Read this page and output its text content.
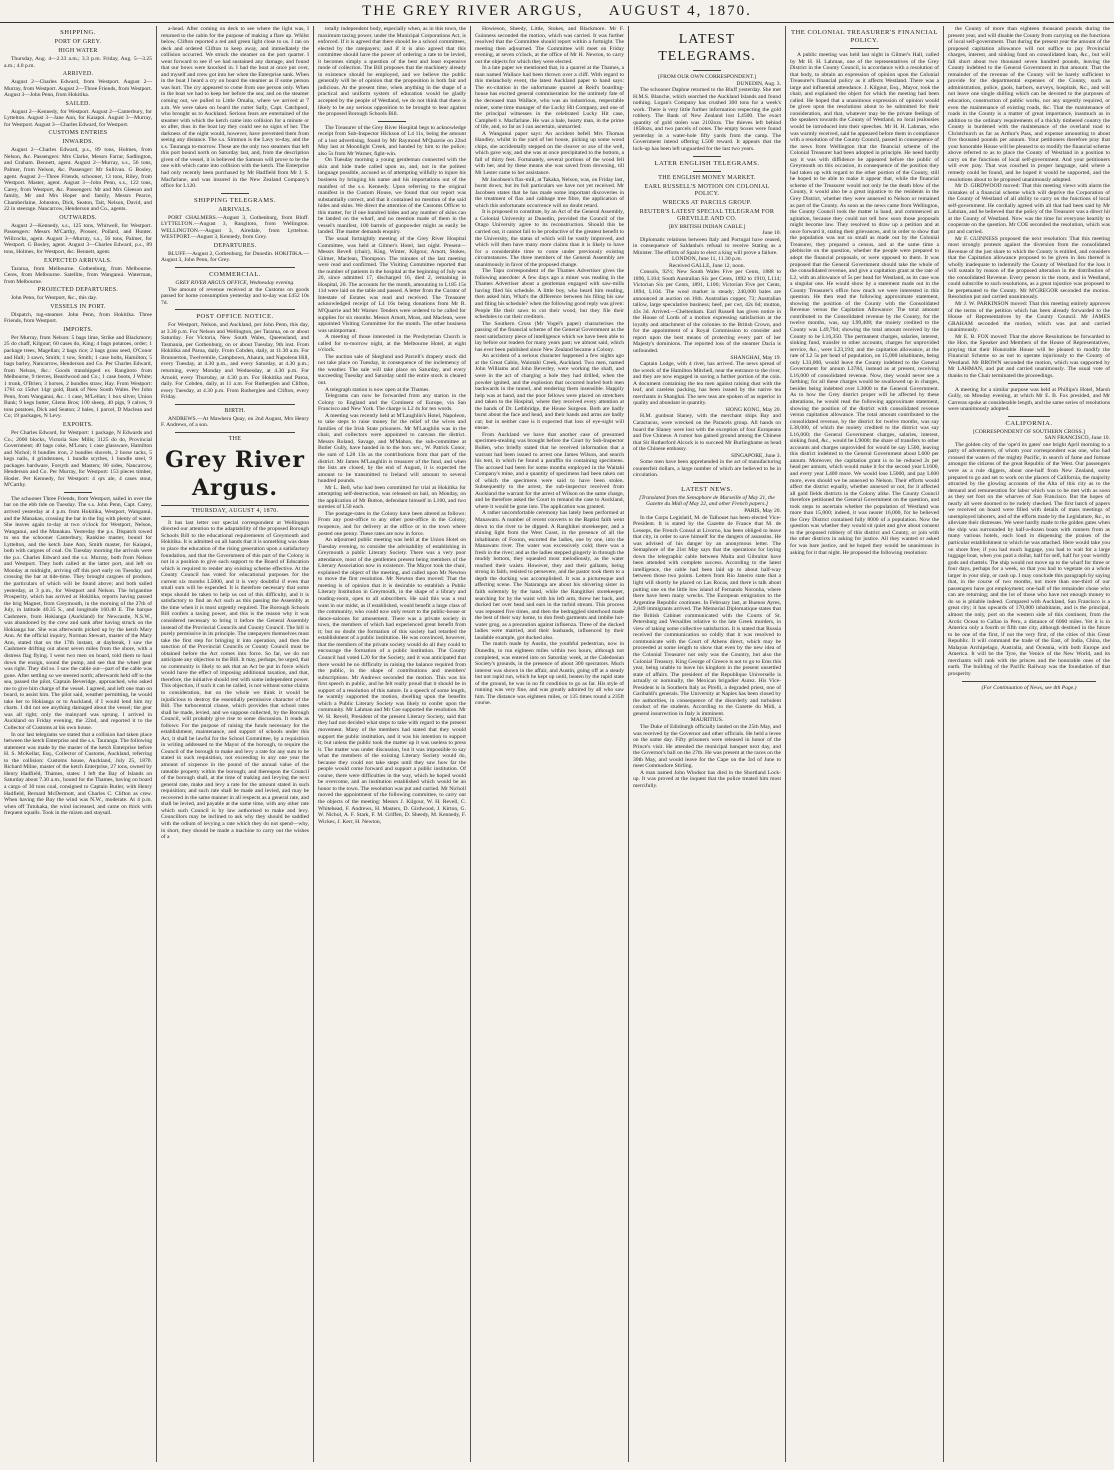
THE GREY RIVER ARGUS, AUGUST 4, 1870.
SHIPPING.
PORT OF GREY.
HIGH WATER

Thursday, Aug. 4—2.33 a.m.; 3.3 p.m. Friday, Aug. 5—3.25 a.m.; 4.0 p.m.

ARRIVED.

August 2—Charles Edward, from Westport. August 2—Murray, from Westport. August 2—Three Friends, from Westport. August 3—John Penn, from Hokitika.

SAILED.

August 2—Kennedy, for Westport. August 2—Canterbury, for Lyttelton. August 3—Jane Ann, for Kaiapoi. August 3—Murray, for Westport. August 3—Charles Edward, for Westport.

CUSTOMS ENTRIES
INWARDS.

August 2—Charles Edward, p.s., 89 tons, Holmes, from Nelson, &c. Passengers: Mrs Clarke, Messrs Farrar, Sadlington, and Graham. Bennett, agent. August 2—Murray, s.s., 56 tons, Palmer, from Nelson, &c. Passenger: Mr Sullivan. G Bosley, agent. August 2—Three Friends, schooner, 13 tons, Riley, from Westport. Master, agent. August 3—John Penn, s.s., 122 tons, Carey, from Westport, &c. Passengers: Mr and Mrs Gleeson and family, Mr and Mrs Hoper and family, Messrs Pearce, Chamberlaine, Johnston, Dick, Seaton, Tait, Nelson, David, and 22 in steerage. Nancarrow, Henderson and Co., agents.

OUTWARDS.

August 2—Kennedy, s.s., 125 tons, Whitwell, for Westport. Passengers: Messrs M'Carthy, Prosser, Pollard, and Hunter. Willcocks, agent. August 3—Murray, s.s., 56 tons, Palmer, for Westport. G Bosley, agent. August 3—Charles Edward, p.s., 89 tons, Holmes, for Westport, &c. Bennett, agent.

EXPECTED ARRIVALS.

Tararua, from Melbourne. Gothenburg, from Melbourne. Ceres, from Melbourne. Satellite, from Wanganui. Waterman, from Melbourne.

PROJECTED DEPARTURES.

John Penn, for Westport, &c., this day.

VESSELS IN PORT.

Dispatch, tug-steamer. John Penn, from Hokitika. Three Friends, from Westport.

IMPORTS.

Per Murray, from Nelson: 5 bags lime, Strike and Blackmore; 25 do chaff, Kilgour; 60 cases do, King; 4 bags potatoes, order; 1 package trees, Magellan; 2 bags rice; 2 bags grass seed, O'Conor and Hall; 3 sawn, Smith; 1 tow, Smith; 1 case bolts, Hamilton; 5 bags barley, Nancarrow, Henderson and Co. Per Charles Edward, from Nelson, &c.: Goods transhipped ex Rangitoto from Melbourne, 9 tierces, Beardwood and Co.; 1 case boots, J White; 1 trunk, O'Brien; 3 horses, 2 bundles straw, Hay. From Westport: 1761 oz 15dwt 14gr gold, Bank of New South Wales. Per John Penn, from Wanganui, &c.: 1 case, M'Lellan; 1 box silver, Union Bank; 9 kegs butter, Glenn Bros; 100 sheep, 40 pigs, 9 calves, 9 tons potatoes, Dick and Seaton; 2 bales, 1 parcel, D Maclean and Co; 19 packages, N Levy.

EXPORTS.

Per Charles Edward, for Westport: 1 package, N Edwards and Co.; 2000 blocks, Victoria Saw Mills; 3125 do do, Provincial Government; 40 bags coke, M'Lean; 1 case glassware, Hamilton and Nichol; 8 bundles iron, 2 bundles shovels, 2 horse tacks, 5 kegs nails, 4 grindstones, 1 bundle scythes, 1 bundle steel, 9 packages hardware, Forsyth and Masters; 80 sides, Nancarrow, Henderson and Co. Per Murray, for Westport: 153 pieces timber, Hosler. Per Kennedy, for Westport: 4 qrs ale, 4 cases stout, M'Carthy.

The schooner Three Friends, from Westport, sailed in over the bar on the ebb tide on Tuesday. The s.s. John Penn, Capt. Carey, arrived yesterday at 4 p.m. from Hokitika, Westport, Wanganui, and the Manakau, crossing the bar in the fog with plenty of water. She leaves again to-day at two o'clock for Westport, Nelson, Wanganui, and the Manakau. Yesterday the p.s. Dispatch towed to sea the schooner Canterbury, Rankine master, bound for Lyttelton, and the ketch Jane Ann, Smith master, for Kaiapoi, both with cargoes of coal. On Tuesday morning the arrivals were the p.s. Charles Edward and the s.s. Murray, both from Nelson and Westport. They both called at the latter port, and left on Monday at midnight, arriving off this port early on Tuesday, and crossing the bar at tide-time. They brought cargoes of produce, the particulars of which will be found above; and both sailed yesterday, at 3 p.m., for Westport and Nelson. The brigantine Prosperity, which has arrived at Hokitika, reports having passed the brig Magnet, from Greymouth, in the morning of the 27th of July, in latitude 40.35 S., and longitude 160.40 E. The barque Cashmere, from Hokianga (Auckland) for Newcastle, N.S.W., was abandoned by the crew and sank after having struck on the Hokianga bar. She was afterwards picked up by the ketch Mary Ann. At the official inquiry, Norman Stewart, master of the Mary Ann, stated that on the 17th instant, at daybreak, I saw the Cashmere drifting out about seven miles from the shore, with a distress flag flying. I went two men on board, told them to haul down the ensign, sound the pump, and see that the wheel gear was right. They did so. I saw the cable out—part of the cable was gone. After settling so we steered north; afterwards held off to the sea, passed the pilot, Captain Beveridge, approached, who asked me to give him charge of the vessel. I agreed, and left one man on board, to assist him. The pilot said, weather permitting, he would take her to Hokianga or to Auckland, if I would lend him my charts. I did not see anything damaged about the vessel; the gear was all right; only the mainyard was sprung. I arrived in Auckland on Friday evening, the 22nd, and reported it to the Collector of Customs at his own house.

In our last telegrams we stated that a collision had taken place between the ketch Enterprise and the s.s. Tauranga. The following statement was made by the master of the ketch Enterprise before H. S. McKellar, Esq., Collector of Customs, Auckland, referring to the collision: Customs house, Auckland, July 25, 1870. Richard Milne, master of the ketch Enterprise, 27 tons, owned by Henry Hadfield, Thames, states: I left the Bay of Islands on Saturday about 7.30 a.m., bound for the Thames, having on board a cargo of 30 tons coal, consigned to Captain Butler, with Henry Hadfield, Bernard McDermott, and Charles C. Clifton as crew. When having the Bay the wind was N.W., moderate. At 4 p.m. when off Tutukaka, the wind increased, and came on thick with frequent squalls. Took in the mizen and staysail.

a-head. After coming on deck to see where the light was, I returned to the cabin for the purpose of making a flare up. Whilst below, Clifton reported a red and green light close to us. I ran on deck and ordered Clifton to keep away, and immediately the collision occurred. We struck the steamer on the port quarter. I went forward to see if we had sustained any damage, and found that our bows were knocked in. I had the boat at once put over, and myself and crew got into her when the Enterprise sank. When in the boat I heard a cry on board the steamer as if some person was hurt. The cry appeared to come from one person only. When in the boat we had to keep her before the sea; and on the steamer coming out, we pulled to Little Omaha, where we arrived at 7 a.m. We were taken on board the cutter Sally, Capt. Catchpool, who brought us to Auckland. Serious fears are entertained of the steamer with which the ketch came into collision for a minute or so after, thus in the boat lay they could see no signs of her. The darkness of the night would, however, have prevented them from seeing any distance. The s.s. Simmon is the Lavy to-day, and the s.s. Tauranga to-morrow. These are the only two steamers that left this port bound north on Saturday last, and, from the description given of the vessel, it is believed the Samson will prove to be the one with which came into collision with the ketch. The Enterprise had only recently been purchased by Mr Hadfield from Mr J. S. Macfarlane, and was insured in the New Zealand Company's office for L120.

SHIPPING TELEGRAMS.
ARRIVALS.

PORT CHALMERS.—August 3, Gothenburg, from Bluff. LYTTELTON.—August 3, Rangitoto, from Wellington. WELLINGTON.—August 3, Airedale, from Lyttelton. WESTPORT.—August 3, Kennedy, from Grey.

DEPARTURES.

BLUFF.—August 2, Gothenburg, for Dunedin. HOKITIKA.—August 3, John Penn, for Grey.

COMMERCIAL.
GREY RIVER ARGUS OFFICE, Wednesday evening.

The amount of revenue received at the Customs on goods passed for home consumption yesterday and to-day was £452 10s 7d.

POST OFFICE NOTICE.

For Westport, Nelson, and Auckland, per John Penn, this day, at 3.30 p.m. For Nelson and Wellington, per Tararua, on or about Saturday. For Victoria, New South Wales, Queensland, and Tasmania, per Gothenburg, on or about Tuesday, 9th inst. From Hokitika and Paroa, daily. From Cobden, daily, at 11.30 a.m. For Brunnerton, Twelvemile, Campbown, Ahaura, and Napoleon Hill, every Tuesday, at 4.30 p.m., and every Saturday, at 4.30 p.m.; returning, every Monday and Wednesday, at 4.30 p.m. For Arnold, every Thursday, at 4.30 p.m. For Hokitika and Paroa, daily. For Cobden, daily, at 11 a.m. For Rutherglen and Clifton, every Tuesday, at 4.30 p.m. From Rutherglen and Clifton, every Friday.

BIRTH.

ANDREWS.—At Mawhera Quay, on 2nd August, Mrs Henry F. Andrews, of a son.

THE
Grey River Argus.
THURSDAY, AUGUST 4, 1870.

It has last letter our special correspondent at Wellington directed our attention to the adaptability of the proposed Borough Schools Bill to the educational requirements of Greymouth and Hokitika. It is admitted on all hands that it is something was done to place the education of the rising generation upon a satisfactory foundation, and that the Government of this part of the Colony is not in a position to give such support to the Board of Education which is required to render any existing scheme effective. At the County Council has voted for educational purposes for the current six months L5000, and it is very doubtful if even that small sum will be expended. It is therefore necessary that some steps should be taken to help us out of this difficulty, and it is satisfactory to find an Act such as this passing the Assembly at the time when it is most urgently required. The Borough Schools Bill confers a taxing power, and this is the reason why it was considered necessary to bring it before the General Assembly instead of the Provincial Councils and County Council. The bill is purely permissive in its principle. The ratepayers themselves must take the first step for bringing it into operation, and then the sanction of the Provincial Councils or County Council must be obtained before the Act comes into force. So far, we do not anticipate any objection to the Bill. It may, perhaps, be urged, that no community is likely to ask that an Act be put in force which would have the effect of imposing additional taxation, and that, therefore, the initiative should rest with some independent power. This objection, if such it can be called, is not without some claims to consideration, but on the whole we think it would be injudicious to destroy the essentially permissive character of the Bill. The turbocentral clause, which provides that school rates shall be made, levied, and we suppose collected, by the Borough Council, will probably give rise to some discussion. It reads as follows: For the purpose of raising the funds necessary for the establishment, maintenance, and support of schools under this Act, it shall be lawful for the School Committee, by a requisition in writing addressed to the Mayor of the borough, to require the Council of the borough to make and levy a rate for any sum to be stated in such requisition, not exceeding in any one year the amount of sixpence in the pound of the annual value of the rateable property within the borough; and thereupon the Council of the borough shall, at the time of making and levying the next general rate, make and levy a rate for the amount stated in such requisition; and such rate shall be made and levied, and may be recovered in the same manner in all respects as a general rate, and shall be levied, and payable at the same time, with any other rate which such Council is by law authorised to make and levy. Councillors may be inclined to ask why they should be saddled with the odium of levying a rate which they do not spend—why, in short, they should be made a machine to carry out the wishes of a

totally independent body, especially when, as in this town, the maximum taxing power, under the Municipal Corporations Act, is enforced. If it is agreed that there should be a school committees, elected by the ratepayers; and if it is also agreed that this committee should have the power of ordering a rate to be levied, it becomes simply a question of the best and least expensive mode of collection. The Bill proposes that the machinery already in existence should be employed, and we believe the public generally will be of opinion that the proposition is both fair and judicious. At the present time, when anything in the shape of a practical and uniform system of education would be gladly accepted by the people of Westland, we do not think that there is likely to be any serious opposition to be brought to bear against the proposed Borough Schools Bill.

The Treasurer of the Grey River Hospital begs to acknowledge receipt from Sub-Inspector Hickson of L4 11s, being the amount of a lost advertising, found by Mr Raymond M'Quarrie on 22nd May last at Moonlight Creek, and handed by him to the police; also 5s from Mr Warner, fight-win.

On Tuesday morning a young gentleman connected with the skin and hide trade called upon us, and, not in the politest language possible, accused us of attempting wilfully to injure his business by bringing his name and his importations out of the manifest of the s.s. Kennedy. Upon referring to the original manifest in the Custom House, we found that our report was substantially correct, and that it contained no mention of the said hides and skins. We direct the attention of the Customs Officer to this matter, for if one hundred hides and any number of skins can be landed on the wharf, and no mention made of them in the vessel's manifest, 100 barrels of gunpowder might as easily be landed. The matter demands enquiry.

The usual fortnightly meeting of the Grey River Hospital Committee, was held at Gilmer's Hotel, last night. Present—Messrs Revell (chair), King, Winter, Kilgour, Arnott, Stokes, Gilmer, Maclean, Thompson. The minutes of the last meeting were read and confirmed. The Visiting Committee reported that the number of patients in the hospital at the beginning of July was 20, since admitted 17, discharged 16, died 2, remaining in Hospital, 20. The accounts for the month, amounting to L185 15s 11d were laid on the table and passed. A letter from the Curator of Intestate of Estates was read and received. The Treasurer acknowledged receipt of L4 16s being donations from Mr R. M'Quarrie and Mr Warner. Tenders were ordered to be called for supplies for six months. Messrs Arnott, Moss, and Maclean, were appointed Visiting Committee for the month. The other business was unimportant.

A meeting of those interested in the Presbyterian Church is called for to-morrow night, at the Melbourne Hotel, at eight o'clock.

The auction sale of Skeglund and Parcell's drapery stock did not take place on Tuesday, in consequence of the inclemency of the weather. The sale will take place on Saturday, and every succeeding Tuesday and Saturday until the entire stock is cleared out.

A telegraph station is now open at the Thames.

Telegrams can now be forwarded from any station in the Colony to England and the Continent of Europe, via San Francisco and New York. The charge is L2 4s for ten words.

A meeting was recently held at M'Laughlin's Hotel, Napoleon, to take steps to raise money for the relief of the wives and families of the Irish State prisoners. Mr M'Laughlin was in the chair, and collectors were appointed to canvass the district. Messrs Roland, Savage, and M'Mahon, the sub-committee at Butler Gully, have handed in to the hon. sec., W. Patrick Conor, the sum of L28 13s as the contributions from that part of the district. Mr James M'Laughlin is treasurer of the fund, and when the lists are closed, by the end of August, it is expected the amount to be transmitted to Ireland will amount to several hundred pounds.

Mr L. Bell, who had been committed for trial at Hokitika for attempting self-destruction, was released on bail, on Monday, on the application of Mr Button, defendant himself in L100, and two sureties of L50 each.

The postage-rates in the Colony have been altered as follows: From any post-office to any other post-office in the Colony, twopence, and for delivery at the office or in the town where posted one penny. These rates are now in force.

An adjourned public meeting was held at the Union Hotel on Tuesday evening, to consider the advisability of establishing in Greymouth a public Literary Society. There was a very poor attendance, most of the gentlemen present being members of the Literary Association now in existence. The Mayor took the chair, explained the object of the meeting, and called upon Mr Newton to move the first resolution. Mr Newton then moved: That the meeting is of opinion that it is desirable to establish a Public Literary Institution in Greymouth, in the shape of a library and reading-room, open to all subscribers. He said this was a real want in our midst, as if established, would benefit a large class of the community, who could now only resort to the public-house or dance-saloons for amusement. There was a private society in town, the members of which had experienced great benefit from it; but no doubt the formation of this society had retarded the establishment of a public institution. He was convinced, however, that the members of the private society would do all they could to encourage the formation of a public institution. The County Council had voted L20 for the Society, and it was anticipated that there would be no difficulty in raising the balance required from the public, in the shape of contributions and members' subscriptions. Mr Andrews seconded the motion. This was his first speech in public, and he felt really proud that it should be in support of a resolution of this nature. In a speech of some length, he warmly supported the motion, dwelling upon the benefits which a Public Literary Society was likely to confer upon the community. Mr Lahman and Mr Coe supported the resolution. Mr W. H. Revell, President of the present Literary Society, said that they had not decided what steps to take with regard to the present movement. Many of the members had stated that they would support the public institution, and it was his intention to support it; but unless the public took the matter up it was useless to press it. The matter was under discussion, but it was impossible to say what the members of the existing Literary Society would do, because they could not take steps until they saw how far the people would come forward and support a public institution. Of course, there were difficulties in the way, which he hoped would be overcome, and an institution established which would be an honor to the town. The resolution was put and carried. Mr Nicholl moved the appointment of the following committee, to carry out the objects of the meeting: Messrs J. Kilgour, W. H. Revell, C. Whitehead, F. Andrews, H. Masters, D. Girdwood, J. Kirton, G. W. Nichol, A. F. Stark, F. M. Griffen, D. Sheedy, M. Kennedy, F. Wickes, J. Kerr, H. Newton,

Howieson, Sheedy, Little, Stokes, and Blackmore. Mr F. Guinness seconded the motion, which was carried. It was further resolved that the Committee should report within a fortnight. The meeting then adjourned. The Committee will meet on Friday evening, at seven o'clock, at the office of Mr H. Newton, to carry out the objects for which they were elected.

In a late paper we mentioned that, in a quarrel at the Thames, a man named Wallace had been thrown over a cliff. With regard to this melancholy event, the latest Auckland paper to hand says: The ex-citation in the unfortunate quarrel at Reid's boarding-house has excited general commiseration for the untimely fate of the deceased man Wallace, who was an industrious, respectable miner, some time manager of the Lucky Hit Company, and one of the principal witnesses in the celebrated Lucky Hit case, Campbell v. Macfarlane. He was a hale, hearty man, in the prime of life, and, so far as I can ascertain, unmarried.

A Wanganui paper says: An accident befell Mrs Thomas Handley, whilst in the yard of her house, picking up some wood chips, she accidentally stepped on the cleaver or axe of the well, which gave way, and she was at once precipitated to the bottom, a fall of thirty feet. Fortunately, several portions of the wood fell with her, and by these means she was saved from drowning, till Mr Lester came to her assistance.

Mr Jacobsen's flax-mill, at Takaka, Nelson, was, on Friday last, burnt down; but its full particulars we have not yet received. Mr Jacobsen states that he has made some important discoveries in the treatment of flax and cabbage tree fibre, the application of which this unfortunate occurrence will no doubt retard.

It is proposed to constitute, by an Act of the General Assembly, a Colonial University at Dunedin, provided the Council of the Otago University agree to its reconstruction. Should this be carried out, it cannot fail to be productive of the greatest benefit to the University, the status of which will be vastly improved, and which will then have many more claims than it is likely to have for a considerable time to come under previously existing circumstances. The three members of the General Assembly are unanimously in favor of the proposed change.

The Tapu correspondent of the Thames Advertiser gives the following anecdote: A few days ago a miner was reading in the Thames Advertiser about a gentleman engaged with saw-mills having filed his schedule. A little boy, who heard him reading, then asked him, What's the difference between his filing his saw and filing his schedule? when the following good reply was given: People file their saws to cut their wood, but they file their schedules to cut their creditors.

The Southern Cross (Mr Vogel's paper) characterises the passing of the financial scheme of the General Government as the most satisfactory piece of intelligence which we have been able to lay before our readers for many years past; we almost said, which has ever been published since New Zealand became a Colony.

An accident of a serious character happened a few nights ago at the Great Cabin, Waiotahi Creek, Auckland. Two men, named John Williams and John Beverley, were working the shaft, and were in the act of charging a hole they had drilled, when the powder ignited, and the explosion that occurred hurled both men backwards in the tunnel, and rendering them insensible. Happily help was at hand, and the poor fellows were placed on stretchers and taken to the Hospital, where they received every attention at the hands of Dr. Lethbridge, the House Surgeon. Both are badly burnt about the face and head, and their hands and arms are badly cut; but in neither case is it expected that loss of eye-sight will ensue.

From Auckland we have that another case of presumed specimen-stealing was brought before the Court by Sub-Inspector Bullen, who briefly stated that he received information that a warrant had been issued to arrest one James Wilson, and search his tent, in which he found a paraffin tin containing specimens. The accused had been for some months employed in the Waitahi Company's mine, and a quantity of specimens had been taken out of which the specimens were said to have been stolen. Subsequently to the arrest, the sub-inspector received from Auckland the warrant for the arrest of Wilson on the same charge, and he therefore asked the Court to remand the case to Auckland, where it would be gone into. The application was granted.

A rather uncomfortable ceremony has lately been performed at Manawatu. A number of recent converts to the Baptist faith went down to the river to be dipped. A Ranghikei storekeeper, and a shining light from the West Coast, in the presence of all the inhabitants of Foxton, escorted the ladies, one by one, into the Manawatu river. The water was excessively cold; there was a fresh in the river; and as the ladies stepped gingerly in through the muddy bottom, they squealed most melodiously, as the water reached their waists. However, they and their gallants, being strong in faith, resisted to persevere, and the pastor took them to a depth the ducking was accomplished. It was a picturesque and affecting scene. The Nataranga are about his shivering sister in faith solemnly by the hand, while the Rangitikei storekeeper, searching for by the waist with his left arm, threw her back, and ducked her over head and ears in the turbid stream. This process was repeated five times, and then the bedraggled sisterhood made the best of their way home, to don fresh garments and imbibe hot-water grog, as a precaution against influenza. Three of the ducked ladies were married, and their husbands, influenced by their laudable example, got ducked also.

The match made by Austin, the youthful pedestrian, now in Dunedin, to run eighteen miles within two hours, although not completed, was entered into on Saturday week, at the Caledonian Society's grounds, in the presence of about 300 spectators. Much interest was shown in the affair, and Austin, going off at a steady but not rapid run, which he kept up until, beaten by the rapid state of the ground, he was in no fit condition to go as far. His style of running was very fine, and was greatly admired by all who saw him. The distance was eighteen miles, or 135 times round a 235ft course.

LATEST TELEGRAMS.
[FROM OUR OWN CORRESPONDENT.]
DUNEDIN, Aug. 3.

The schooner Daphne returned to the Bluff yesterday. She met H.M.S. Blanche, which searched the Auckland Islands and found nothing. Logan's Company has crushed 300 tons for a week's work. There is very little further information respecting the gold robbery. The Bank of New Zealand lost L4500. The exact quantity of gold stolen was 2102ozs. The thieves left behind 1858ozs, and two parcels of notes. The empty boxes were found yesterday in a water-hole fifty yards from the camp. The Government intend offering L500 reward. It appears that the lock-up has been left unguarded for the last two years.

LATER ENGLISH TELEGRAMS.
THE ENGLISH MONEY MARKET.
EARL RUSSELL'S MOTION ON COLONIAL POLICY.
WRECKS AT PARCILS GROUP.
REUTER'S LATEST SPECIAL TELEGRAM FOR GREVILLE AND CO.
[BY BRITISH INDIAN CABLE.]
June 10.

Diplomatic relations between Italy and Portugal have ceased, in consequence of Saldanha's refusal to receive Stating as a Minister. The efforts of Spain to elect a king will prove a failure.

LONDON, June 11, 11.30 p.m.
Received GALLE, June 12, noon.

Consols, 92½; New South Wales Five per Cents, 1888 to 1896, L104; South Australian Six per Cents, 1892 to 1910, L114; Victorian Six per Cents, 1891, L106; Victorian Five per Cents, 1894, L104. The wool market is steady; 240,000 bales are announced at auction on 16th. Australian copper, 73; Australian tallow, large speculative business; beef, per cwt, 42s 6d; mutton, 43s 3d. Arrived.—Cheltenham. Earl Russell has given notice in the House of Lords of a motion expressing satisfaction at the loyalty and attachment of the colonies to the British Crown, and for the appointment of a Royal Commission to consider and report upon the best means of protecting every part of her Majesty's dominions. The reported loss of the steamer Dacia is unfounded.

SHANGHAI, May 19.

Captain Lodge, with 4 river, has arrived. The news spread of the wreck of the Hamilton Mitchell, near the entrance to the river, and they are now engaged in saving a further portion of the coin. A document containing the tea men against raising dust with the leaf, and careless packing, has been issued by the native tea merchants in Shanghai. The new teas are spoken of as superior in quality and abundant in quantity.

HONG KONG, May 20.

H.M. gunboat Slaney, with the merchant ships Bay and Caractacus, were wrecked on the Paracels group. All hands on board the Slaney were lost with the exception of four Europeans and five Chinese. A rumor has gained ground among the Chinese that Sir Rutherford Alcock is to succeed Mr Burlinghame as head of the Chinese embassy.

SINGAPORE, June 3.

Some men have been apprehended in the act of manufacturing counterfeit dollars, a large number of which are believed to be in circulation.

LATEST NEWS.
[Translated from the Semaphore de Marseille of May 21, the Gazette du Midi of May 22, and other French papers.]
PARIS, May 20.

In the Corps Legislatif, M. de Talhouet has been elected Vice-President. It is stated by the Gazette de France that M. de Lesseps, the French Consul at Livorno, has been obliged to leave that city, in order to save himself for the dangers of assassins. He was advised of his danger by an anonymous letter. The Semaphore of the 21st May says that the operations for laying down the telegraphic cable between Malta and Gibraltar have been attended with complete success. According to the latest intelligence, the cable had been laid up to about half-way between those two points. Letters from Rio Janeiro state that a light will shortly be placed on Las Rocas, and there is talk about putting one on the little low island of Fernando Noronha, where there have been many wrecks. The European emigration to the Argentine Republic continues. In February last, at Buenos Ayres, 2,849 immigrants arrived. The Memorial Diplomatique states that the British Cabinet communicated with the Courts of St. Petersburg and Versailles relative to the late Greek murders, in view of taking some collective satisfaction. It is stated that Russia received the communication so coldly that it was resolved to communicate with the Court of Athens direct, which may be proceeded at some length to show that even by the new idea of the Colonial Treasurer not only was the Country, but also the Colonial Treasury. King George of Greece is not to go to Ems this year, being unable to leave his kingdom in the present unsettled state of affairs. The president of the Republique Universelle is actually or nominally, the Mexican brigadier Aurez. His Vice-President is in Southern Italy as Pirelli, a degraded priest, one of Garibaldi's generals. The University at Naples has been closed by the authorities, in consequence of the disorderly and turbulent conduct of the students. According to the Gazette du Midi, a general insurrection in Italy is imminent.

MAURITIUS.

The Duke of Edinburgh officially landed on the 25th May, and was received by the Governor and other officials. He held a levee on the same day. Fifty prisoners were released in honor of the Prince's visit. He attended the municipal banquet next day, and the Governor's ball on the 27th. He was present at the races on the 30th May, and would leave for the Cape on the 3rd of June to meet Commodore Stirling.

A man named John Windsor has died in the Shortland Lock-up. It was proved at the inquest that the police treated him most mercifully.

THE COLONIAL TREASURER'S FINANCIAL POLICY.

A public meeting was held last night in Gilmer's Hall, called by Mr H. H. Lahman, one of the representatives of the Grey District in the County Council, in accordance with a resolution of that body, to obtain an expression of opinion upon the Colonial Treasurer's financial policy as it affects Westland. There was a large and influential attendance. J. Kilgour, Esq., Mayor, took the chair, and explained the object for which the meeting had been called. He hoped that a unanimous expression of opinion would be given upon the resolutions about to be submitted for their consideration, and that, whatever may be the private feelings of the speakers towards the County of Westland, no local jealousies would be introduced into their speeches. Mr H. H. Lahman, who was warmly received, said he appeared before them in compliance with a resolution of the County Council, passed in consequence of the news from Wellington that the financial scheme of the Colonial Treasurer had been adopted in principle. He need hardly say it was with diffidence he appeared before the public of Greymouth on this occasion, in consequence of the position they had taken up with regard to the other portion of the County, still he hoped to be able to make it appear that, while the financial scheme of the Treasurer would not only be the death blow of the County, it would also be a great injustice to the residents in the Grey District, whether they were annexed to Nelson or remained as part of the County. As soon as the news came from Wellington, the County Council took the matter in hand, and commenced an agitation, because they could not tell how soon those proposals might become law. They resolved to draw up a petition and at once forward it, stating their grievances, and in order to show that the population was not so small as made out by the Colonial Treasurer, they prepared a census, and at the same time a plebiscite on the question, whether the people were prepared to adopt the financial proposals, or were opposed to them. It was proposed that the General Government should take the whole of the consolidated revenue, and give a capitation grant at the rate of L2, with an allowance of 5s per head for Westland, as its case was a singular one. He would show by a statement made out in the County Treasurer's office how much we were interested in this question. He then read the following approximate statement, showing the position of the County with the Consolidated Revenue versus the Capitation Allowance: The total amount contributed to the Consolidated revenue by the County, for the twelve months, was, say L99,408; the moiety credited to the County was L49,704; showing the total amount received by the County to be L16,350. The permanent charges, salaries, interest, sinking fund, transfer to other accounts, charges for unprovided service, &c., were L23,194; and the capitation allowance, at the rate of L2 5s per head of population, on 15,000 inhabitants, being only L33,000, would leave the County indebted to the General Government for annum L3784, instead as at present, receiving L16,000 of consolidated revenue. Now, they would never see a farthing; for all these charges would be swallowed up in charges, besides being indebted over L3000 to the General Government. As to how the Grey district proper will be affected by these alterations, he would read the following approximate statement, showing the position of the district with consolidated revenue versus capitation allowance. The total amount contributed to the consolidated revenue, by the district for twelve months, was say L38,000, of which the moiety credited to the district was say L16,000; the General Government charges, salaries, interest, sinking fund, &c., would be L9000; the share of transfers to other accounts and charges unprovided for would be say L500, leaving this district indebted to the General Government about L600 per annum. Moreover, the capitation grant is to be reduced 2s per head per annum, which would make it for the second year L1600, and every year L400 more. We would lose L5000, and pay L600 more, even should we be annexed to Nelson. Their efforts would affect the district equally, whether annexed or not, for it affected all gold fields districts in the Colony alike. The County Council therefore petitioned the General Government on the question, and took steps to ascertain whether the population of Westland was more than 15,000; indeed, it was nearer 16,000, for he believed the Grey District contained fully 8000 of a population. Now the question was whether they would sit quiet and give about consent to the proposed robbery of this district and County, or join with the other districts in asking for justice. All they wanted or asked for was bare justice, and he hoped they would be unanimous in asking for it that night. He proposed the following resolution:

the County of more than eighteen thousand pounds during the present year, and will disable the County from carrying on the functions of local self-government. That during the present year the amount of the proposed capitation allowance will not suffice to pay Provincial charges, interest, and sinking fund on consolidated loan, &c., but will fall short about two thousand seven hundred pounds, leaving the County indebted to the General Government in that amount. That the remainder of the revenue of the County will be barely sufficient to provide for the departmental expenses of the County, such as administration, police, gaols, harbors, surveys, hospitals, &c., and will not leave one single shilling which can be devoted to the purposes of education, construction of public works, nor any urgently required, or even the maintenance of existing roads, &c. That the maintenance of roads in the County is a matter of great importance, inasmuch as in addition to the ordinary requirements of a thickly timbered country the County is burdened with the maintenance of the overland road to Christchurch as far as Arthur's Pass, and expense amounting to about five thousand pounds per annum. Your petitioners therefore pray that your honorable House will be pleased to so modify the financial scheme above referred to as to place the County of Westland in a position to carry on the functions of local self-government. And your petitioners will ever pray. That was couched in proper language, said where a remedy could be found, and he hoped it would be supported, and the resolutions about to be proposed unanimously adopted.

Mr D. GIRDWOOD moved: That this meeting views with alarm the mistakes of a financial scheme which will deprive the Corporation of the County of Westland of all ability to carry on the functions of local self-government. He cordially agreed with all that had been said by Mr Lahman, and he believed that the policy of the Treasurer was a direct hit at the County of Westland. Now was the time for everyone heartily to cooperate on the question. Mr COE seconded the resolution, which was put and carried.

Mr F. GUINNESS proposed the next resolution: That this meeting most strongly protests against the diversion from the consolidated Revenue of the just share to which the County is entitled, and considers that the Capitation allowance proposed to be given in lieu thereof is wholly inadequate to indemnify the County of Westland for the loss it will sustain by reason of the proposed alteration in the distribution of the consolidated Revenue. Every person in the room, and in Westland, could subscribe to such resolutions, as a great injustice was proposed to be perpetuated to the County. Mr M'GREGOR seconded the motion. Resolution put and carried unanimously.

Mr J. W. PARKINSON moved: That this meeting entirely approves of the terms of the petition which has been already forwarded to the House of Representatives by the County Council. Mr JAMES GRAHAM seconded the motion, which was put and carried unanimously.

Mr E. B. FOX moved: That the above Resolutions be forwarded to the Hon. the Speaker and Members of the House of Representatives, praying that their Honorable House will be pleased to modify the Financial Scheme so as not to operate injuriously to the County of Westland. Mr BROWN seconded the motion, which was supported by Mr LAHMAN, and put and carried unanimously. The usual vote of thanks to the Chair terminated the proceedings.

A meeting for a similar purpose was held at Phillips's Hotel, Marsh Gully, on Monday evening, at which Mr E. B. Fox presided, and Mr Carreras spoke at considerable length, and the same series of resolutions were unanimously adopted.

CALIFORNIA.
[CORRESPONDENT OF SOUTHERN CROSS.]
SAN FRANCISCO, June 10.

The golden city of the 'ope'd its gates' one bright April morning to a party of adventurers, of whom your correspondent was one, who had crossed the waters of the mighty Pacific, in search of fame and fortune amongst the citizens of the great Republic of the West. Our passengers were as a rule diggers, about one-half from New Zealand, some prepared to go and set to work on the placers of California, the majority attracted by the glowing accounts of the Alta of this city as to the demand and remuneration for labor which was to be met with as soon as they set foot on the wharves of San Francisco. But the hopes of nearly all were doomed to be rudely checked. The first batch of papers we received on board were filled with details of mass meetings of unemployed laborers, and of the efforts made by the Legislature, &c., to alleviate their distresses. We were hardly made to the golden gates when the ship was surrounded by half-a-dozen boats with runners from as many various hotels, each loud in dispensing the praises of the particular establishment to which he was attached. Here would take you on shore free; if you had much luggage, you had to wait for a large luggage boat, when you paid a dollar, half for self, half for your worldly gods and chattels. The ship would not move up to the wharf for three or four days, perhaps for a week, so that you had to vegetate on a whole larger in your ship, or cash up. I may conclude this paragraph by saying that, in the course of two months, not more than one-third of our passengers have got employment; one-half of the remainder chose who can are returning; and the lot of those who have not enough money to do so is pitiable indeed. Compared with Auckland, San Francisco is a great city; it has upwards of 170,000 inhabitants, and is the principal, almost the only, port on the western side of this continent, from the Arctic Ocean to Callao in Peru, a distance of 6000 miles. Yet it is in America only a fourth or fifth rate city, although destined in the future to be one of the first, if not the very first, of the cities of this Great Republic. It will command the trade of the East, of India, China, the Malayan Archipelago, Australia, and Oceania, with both Europe and America. It will be the Tyre, the Venice of the New World, and its merchants will rank with the princes and the honorable ones of the earth. The building of the Pacific Railway was the foundation of that prosperity

(For Continuation of News, see 4th Page.)
